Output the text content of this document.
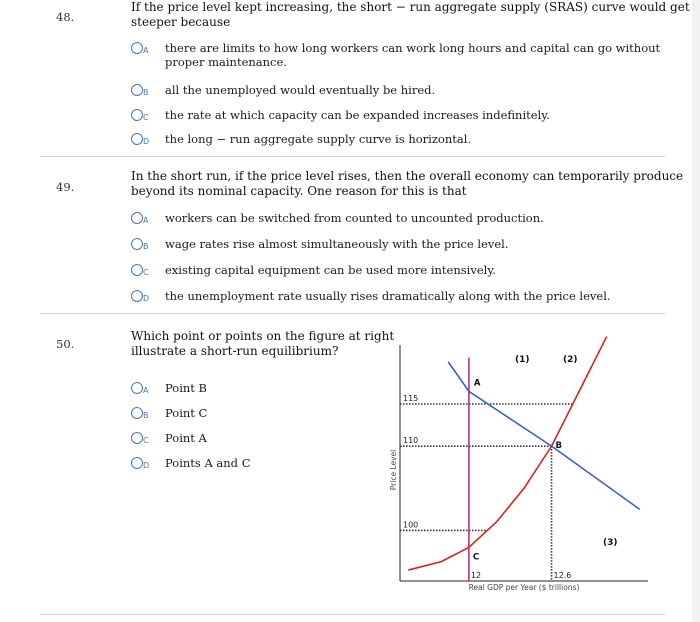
48.
If the price level kept increasing, the short − run aggregate supply (SRAS) curve would get
steeper because
A there are limits to how long workers can work long hours and capital can go without
proper maintenance.
B all the unemployed would eventually be hired.
C the rate at which capacity can be expanded increases indefinitely.
D the long − run aggregate supply curve is horizontal.
49.
In the short run, if the price level rises, then the overall economy can temporarily produce
beyond its nominal capacity. One reason for this is that
A workers can be switched from counted to uncounted production.
B wage rates rise almost simultaneously with the price level.
C existing capital equipment can be used more intensively.
D the unemployment rate usually rises dramatically along with the price level.
50.
Which point or points on the figure at right
illustrate a short-run equilibrium?
A Point B
B Point C
C Point A
D Points A and C
115
110
100
A
B
C
(1)	(2)
(3)
12	12.6
Real GDP per Year ($ trillions)
Price Level
